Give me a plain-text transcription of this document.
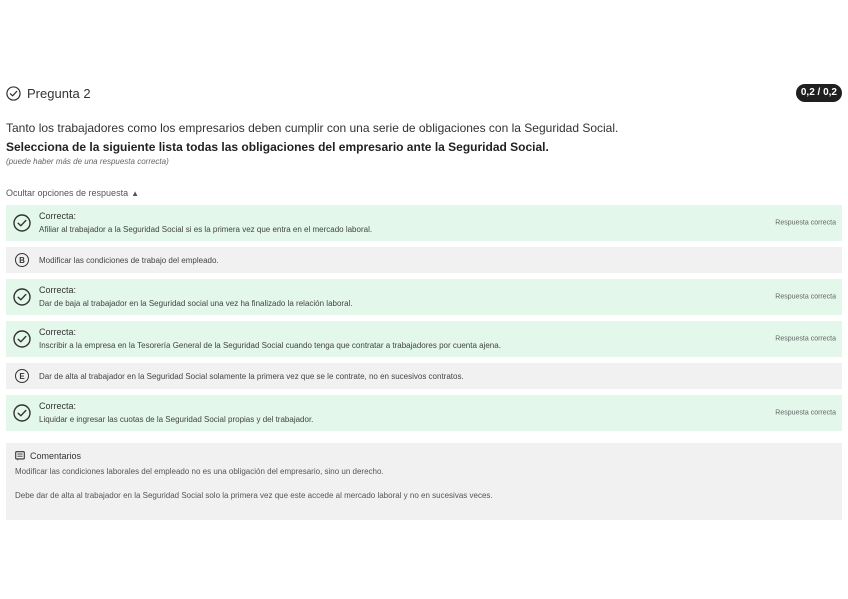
Pregunta 2	0,2 / 0,2
Tanto los trabajadores como los empresarios deben cumplir con una serie de obligaciones con la Seguridad Social.
Selecciona de la siguiente lista todas las obligaciones del empresario ante la Seguridad Social.
(puede haber más de una respuesta correcta)
Ocultar opciones de respuesta ▲
Correcta:
Afiliar al trabajador a la Seguridad Social si es la primera vez que entra en el mercado laboral.
Respuesta correcta
B	Modificar las condiciones de trabajo del empleado.
Correcta:
Dar de baja al trabajador en la Seguridad social una vez ha finalizado la relación laboral.
Respuesta correcta
Correcta:
Inscribir a la empresa en la Tesorería General de la Seguridad Social cuando tenga que contratar a trabajadores por cuenta ajena.
Respuesta correcta
E	Dar de alta al trabajador en la Seguridad Social solamente la primera vez que se le contrate, no en sucesivos contratos.
Correcta:
Liquidar e ingresar las cuotas de la Seguridad Social propias y del trabajador.
Respuesta correcta
Comentarios

Modificar las condiciones laborales del empleado no es una obligación del empresario, sino un derecho.

Debe dar de alta al trabajador en la Seguridad Social solo la primera vez que este accede al mercado laboral y no en sucesivas veces.
